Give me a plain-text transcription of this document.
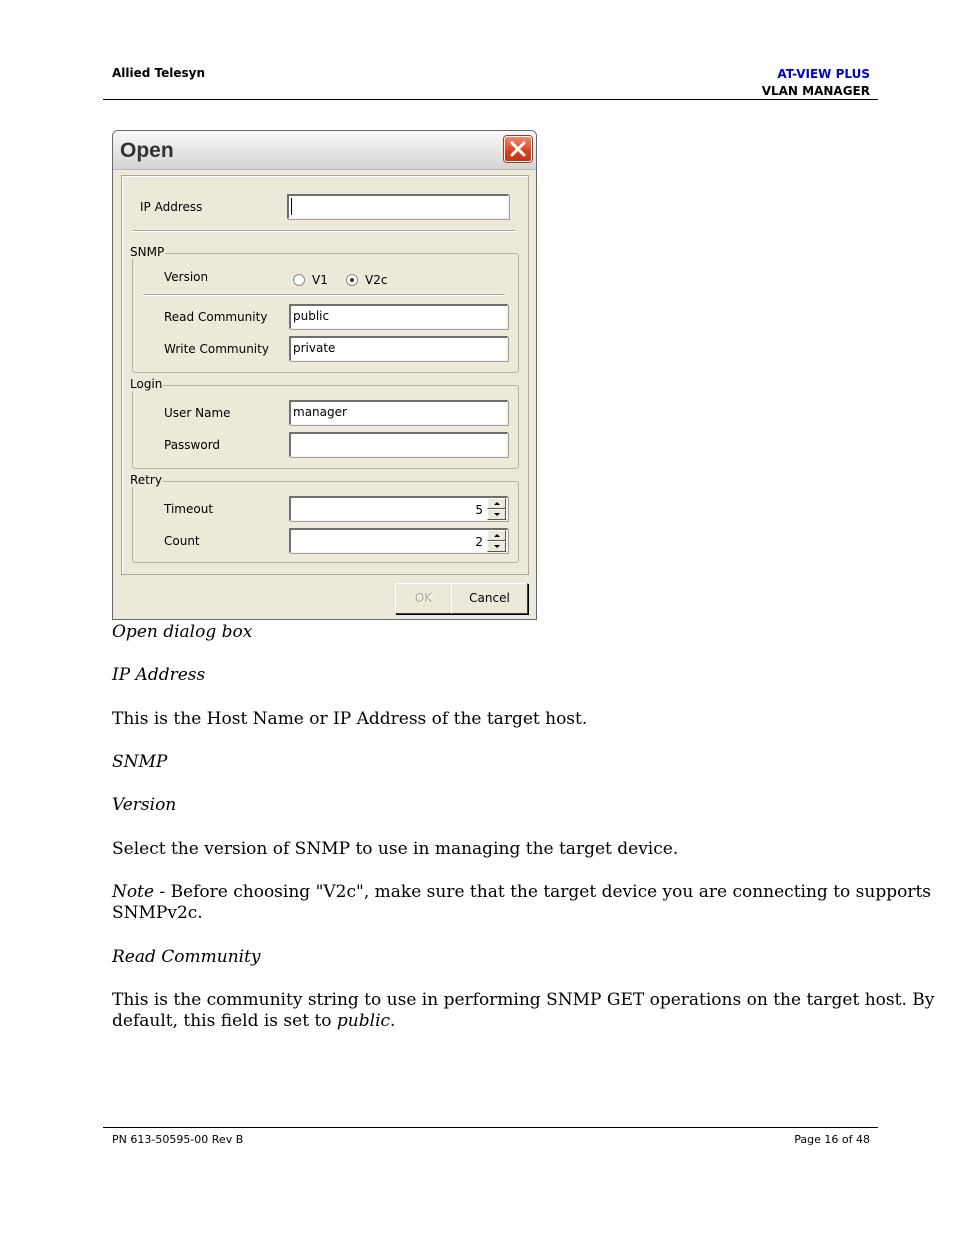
Allied Telesyn	AT-VIEW PLUS
VLAN MANAGER
Open
IP Address
SNMP
Version	V1	V2c
Read Community	public
Write Community	private
Login
User Name	manager
Password
Retry
Timeout	5
Count	2
OK	Cancel
Open dialog box
IP Address
This is the Host Name or IP Address of the target host.
SNMP
Version
Select the version of SNMP to use in managing the target device.
Note - Before choosing "V2c", make sure that the target device you are connecting to supports
SNMPv2c.
Read Community
This is the community string to use in performing SNMP GET operations on the target host. By
default, this field is set to public.
PN 613-50595-00 Rev B	Page 16 of 48
